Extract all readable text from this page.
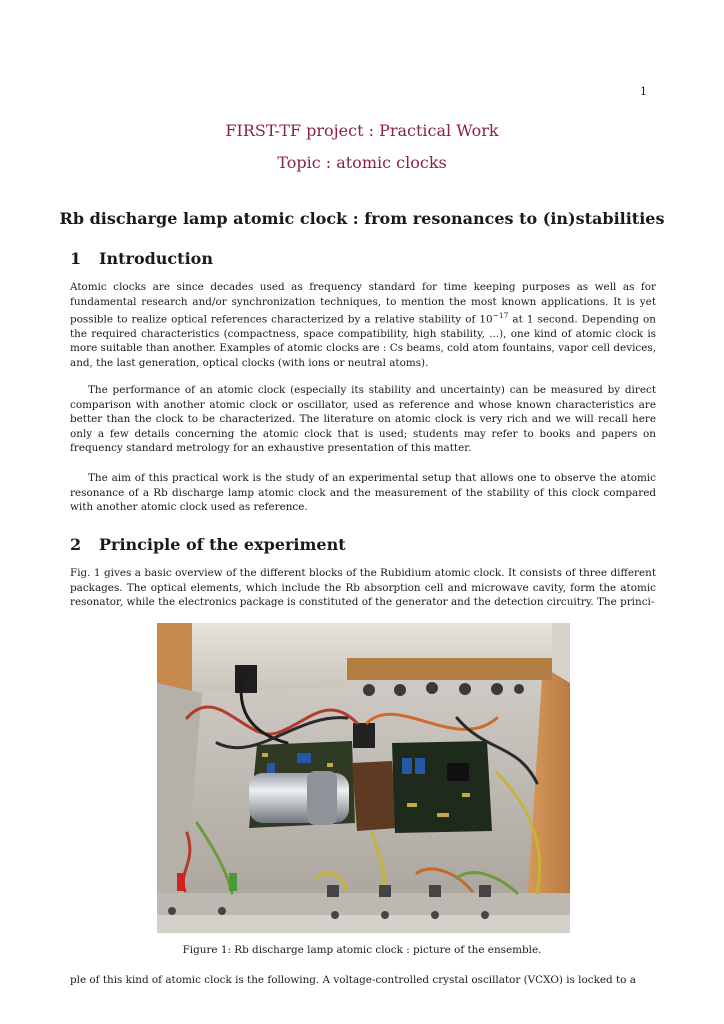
1
FIRST-TF project : Practical Work
Topic : atomic clocks
Rb discharge lamp atomic clock : from resonances to (in)stabilities
1 Introduction
Atomic clocks are since decades used as frequency standard for time keeping purposes as well as for fundamental research and/or synchronization techniques, to mention the most known applications. It is yet possible to realize optical references characterized by a relative stability of $10^{-17}$ at 1 second. Depending on the required characteristics (compactness, space compatibility, high stability, ...), one kind of atomic clock is more suitable than another. Examples of atomic clocks are : Cs beams, cold atom fountains, vapor cell devices, and, the last generation, optical clocks (with ions or neutral atoms).
The performance of an atomic clock (especially its stability and uncertainty) can be measured by direct comparison with another atomic clock or oscillator, used as reference and whose known characteristics are better than the clock to be characterized. The literature on atomic clock is very rich and we will recall here only a few details concerning the atomic clock that is used; students may refer to books and papers on frequency standard metrology for an exhaustive presentation of this matter.
The aim of this practical work is the study of an experimental setup that allows one to observe the atomic resonance of a Rb discharge lamp atomic clock and the measurement of the stability of this clock compared with another atomic clock used as reference.
2 Principle of the experiment
Fig. 1 gives a basic overview of the different blocks of the Rubidium atomic clock. It consists of three different packages. The optical elements, which include the Rb absorption cell and microwave cavity, form the atomic resonator, while the electronics package is constituted of the generator and the detection circuitry. The princi-
Figure 1: Rb discharge lamp atomic clock : picture of the ensemble.
ple of this kind of atomic clock is the following. A voltage-controlled crystal oscillator (VCXO) is locked to a
